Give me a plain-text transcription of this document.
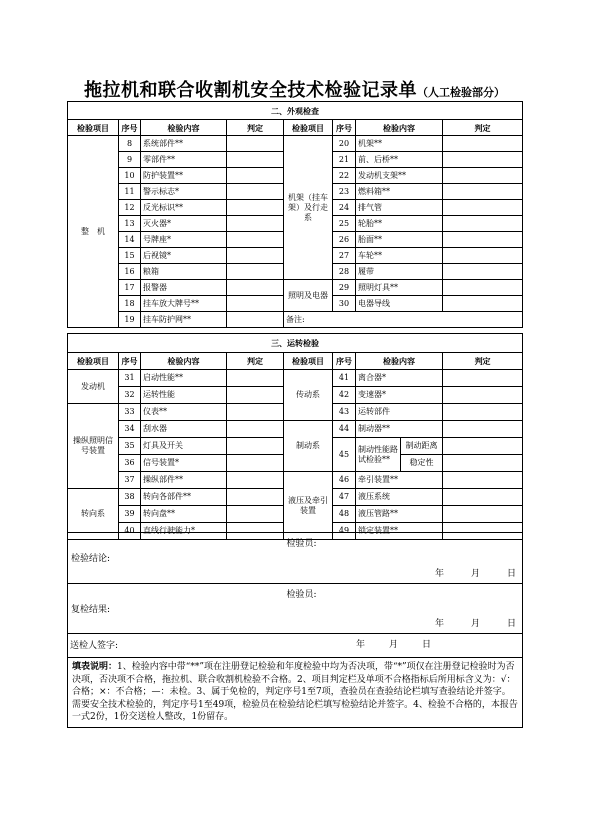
拖拉机和联合收割机安全技术检验记录单（人工检验部分）
二、外观检查							
检验项目	序号	检验内容	判定	检验项目	序号	检验内容	判定
整　机	8	系统部件**		机架（挂车架）及行走系	20	机架**	
	9	零部件**			21	前、后桥**	
	10	防护装置**			22	发动机支架**	
	11	警示标志*			23	燃料箱**	
	12	反光标识**			24	排气管	
	13	灭火器*			25	轮胎**	
	14	号牌座*			26	胎面**	
	15	后视镜*			27	车轮**	
	16	粮箱			28	履带	
	17	报警器		照明及电器	29	照明灯具**	
	18	挂车放大牌号**			30	电器导线	
	19	挂车防护网**		备注:			
三、运转检验								
检验项目	序号	检验内容	判定	检验项目	序号	检验内容		判定
发动机	31	启动性能**		传动系	41	离合器*		
	32	运转性能			42	变速器*		
操纵照明信号装置	33	仪表**			43	运转部件		
	34	刮水器		制动系	44	制动器**		
	35	灯具及开关			45	制动性能路试检验**	制动距离	
	36	信号装置*					稳定性	
	37	操纵部件**		液压及牵引装置	46	牵引装置**		
转向系	38	转向各部件**			47	液压系统		
	39	转向盘**			48	液压管路**		
	40	直线行驶能力*			49	锁定装置**		
检验结论:	检验员:
年 月 日

复检结果:	检验员:
年 月 日

送检人签字: 年 月 日	

填表说明：1、检验内容中带“**”项在注册登记检验和年度检验中均为否决项，带“*”项仅在注册登记检验时为否决项，否决项不合格，拖拉机、联合收割机检验不合格。2、项目判定栏及单项不合格指标后所用标含义为：√：合格；×：不合格；—：未检。3、属于免检的，判定序号1至7项，查验员在查验结论栏填写查验结论并签字。需要安全技术检验的，判定序号1至49项，检验员在检验结论栏填写检验结论并签字。4、检验不合格的，本报告一式2份，1份交送检人整改，1份留存。	
